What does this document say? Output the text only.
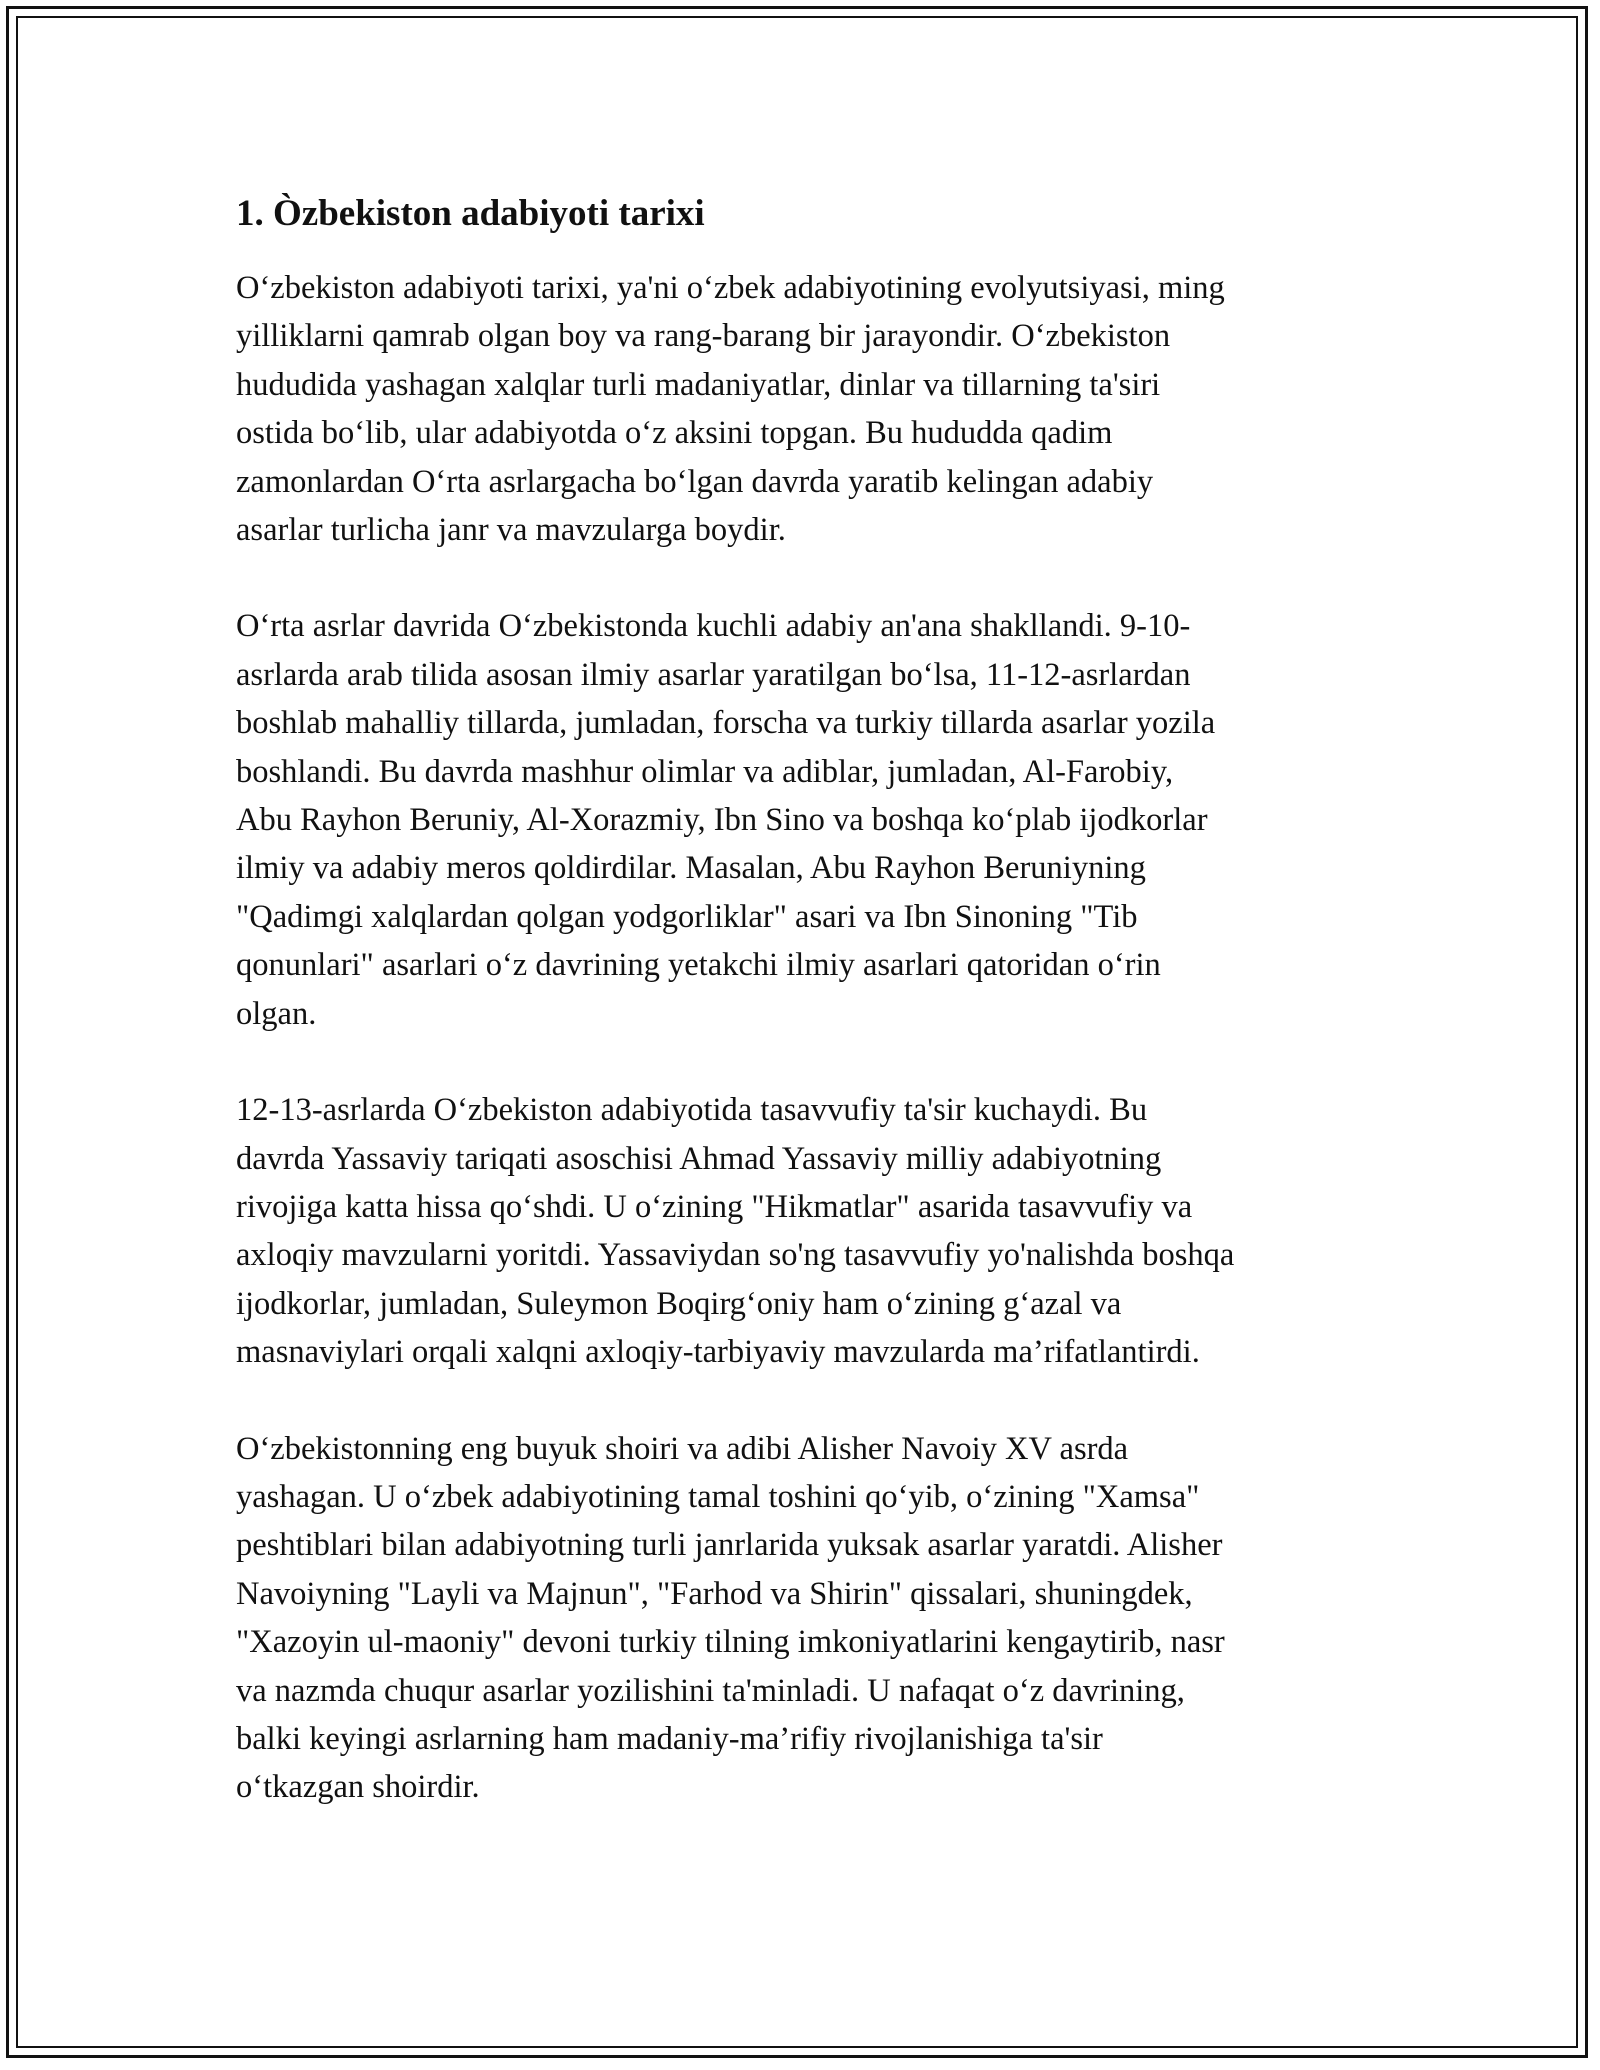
1. Òzbekiston adabiyoti tarixi

O‘zbekiston adabiyoti tarixi, ya'ni o‘zbek adabiyotining evolyutsiyasi, ming
yilliklarni qamrab olgan boy va rang-barang bir jarayondir. O‘zbekiston
hududida yashagan xalqlar turli madaniyatlar, dinlar va tillarning ta'siri
ostida bo‘lib, ular adabiyotda o‘z aksini topgan. Bu hududda qadim
zamonlardan O‘rta asrlargacha bo‘lgan davrda yaratib kelingan adabiy
asarlar turlicha janr va mavzularga boydir.

O‘rta asrlar davrida O‘zbekistonda kuchli adabiy an'ana shakllandi. 9-10-
asrlarda arab tilida asosan ilmiy asarlar yaratilgan bo‘lsa, 11-12-asrlardan
boshlab mahalliy tillarda, jumladan, forscha va turkiy tillarda asarlar yozila
boshlandi. Bu davrda mashhur olimlar va adiblar, jumladan, Al-Farobiy,
Abu Rayhon Beruniy, Al-Xorazmiy, Ibn Sino va boshqa ko‘plab ijodkorlar
ilmiy va adabiy meros qoldirdilar. Masalan, Abu Rayhon Beruniyning
"Qadimgi xalqlardan qolgan yodgorliklar" asari va Ibn Sinoning "Tib
qonunlari" asarlari o‘z davrining yetakchi ilmiy asarlari qatoridan o‘rin
olgan.

12-13-asrlarda O‘zbekiston adabiyotida tasavvufiy ta'sir kuchaydi. Bu
davrda Yassaviy tariqati asoschisi Ahmad Yassaviy milliy adabiyotning
rivojiga katta hissa qo‘shdi. U o‘zining "Hikmatlar" asarida tasavvufiy va
axloqiy mavzularni yoritdi. Yassaviydan so'ng tasavvufiy yo'nalishda boshqa
ijodkorlar, jumladan, Suleymon Boqirg‘oniy ham o‘zining g‘azal va
masnaviylari orqali xalqni axloqiy-tarbiyaviy mavzularda ma’rifatlantirdi.

O‘zbekistonning eng buyuk shoiri va adibi Alisher Navoiy XV asrda
yashagan. U o‘zbek adabiyotining tamal toshini qo‘yib, o‘zining "Xamsa"
peshtiblari bilan adabiyotning turli janrlarida yuksak asarlar yaratdi. Alisher
Navoiyning "Layli va Majnun", "Farhod va Shirin" qissalari, shuningdek,
"Xazoyin ul-maoniy" devoni turkiy tilning imkoniyatlarini kengaytirib, nasr
va nazmda chuqur asarlar yozilishini ta'minladi. U nafaqat o‘z davrining,
balki keyingi asrlarning ham madaniy-ma’rifiy rivojlanishiga ta'sir
o‘tkazgan shoirdir.
